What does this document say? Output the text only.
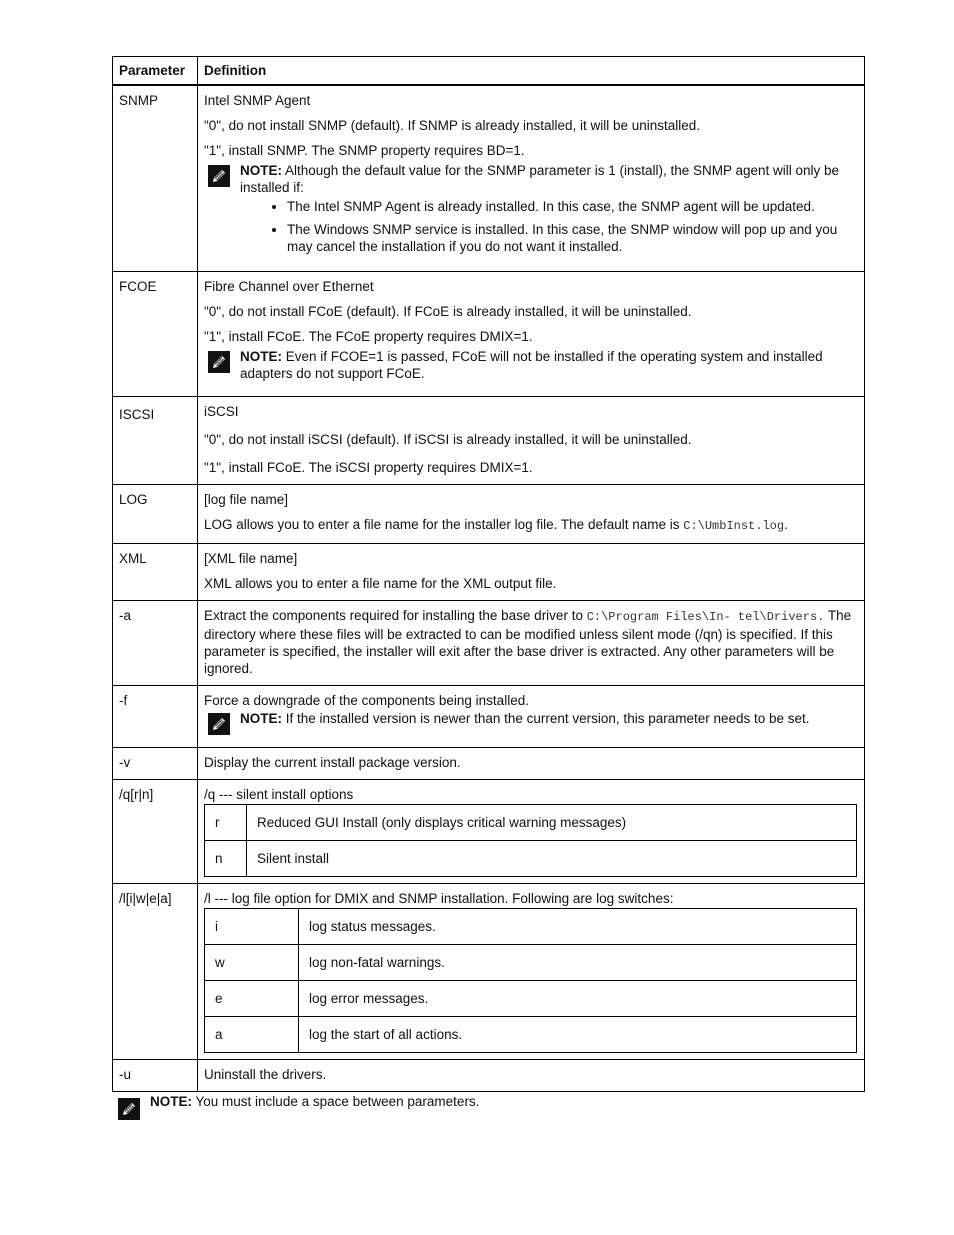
Parameter	Definition
SNMP	Intel SNMP Agent

"0", do not install SNMP (default). If SNMP is already installed, it will be uninstalled.

"1", install SNMP. The SNMP property requires BD=1.

NOTE: Although the default value for the SNMP parameter is 1 (install), the SNMP agent will only be installed if:
• The Intel SNMP Agent is already installed. In this case, the SNMP agent will be updated.
• The Windows SNMP service is installed. In this case, the SNMP window will pop up and you may cancel the installation if you do not want it installed.

FCOE	Fibre Channel over Ethernet

"0", do not install FCoE (default). If FCoE is already installed, it will be uninstalled.

"1", install FCoE. The FCoE property requires DMIX=1.

NOTE: Even if FCOE=1 is passed, FCoE will not be installed if the operating system and installed adapters do not support FCoE.

ISCSI	iSCSI

"0", do not install iSCSI (default). If iSCSI is already installed, it will be uninstalled.

"1", install FCoE. The iSCSI property requires DMIX=1.

LOG	[log file name]

LOG allows you to enter a file name for the installer log file. The default name is C:\UmbInst.log.

XML	[XML file name]

XML allows you to enter a file name for the XML output file.

-a	Extract the components required for installing the base driver to C:\Program Files\In- tel\Drivers. The directory where these files will be extracted to can be modified unless silent mode (/qn) is specified. If this parameter is specified, the installer will exit after the base driver is extracted. Any other parameters will be ignored.

-f	Force a downgrade of the components being installed.

NOTE: If the installed version is newer than the current version, this parameter needs to be set.

-v	Display the current install package version.

/q[r|n]	/q --- silent install options

r	Reduced GUI Install (only displays critical warning messages)
n	Silent install

/l[i|w|e|a]	/l --- log file option for DMIX and SNMP installation. Following are log switches:

i	log status messages.
w	log non-fatal warnings.
e	log error messages.
a	log the start of all actions.

-u	Uninstall the drivers.

NOTE: You must include a space between parameters.
